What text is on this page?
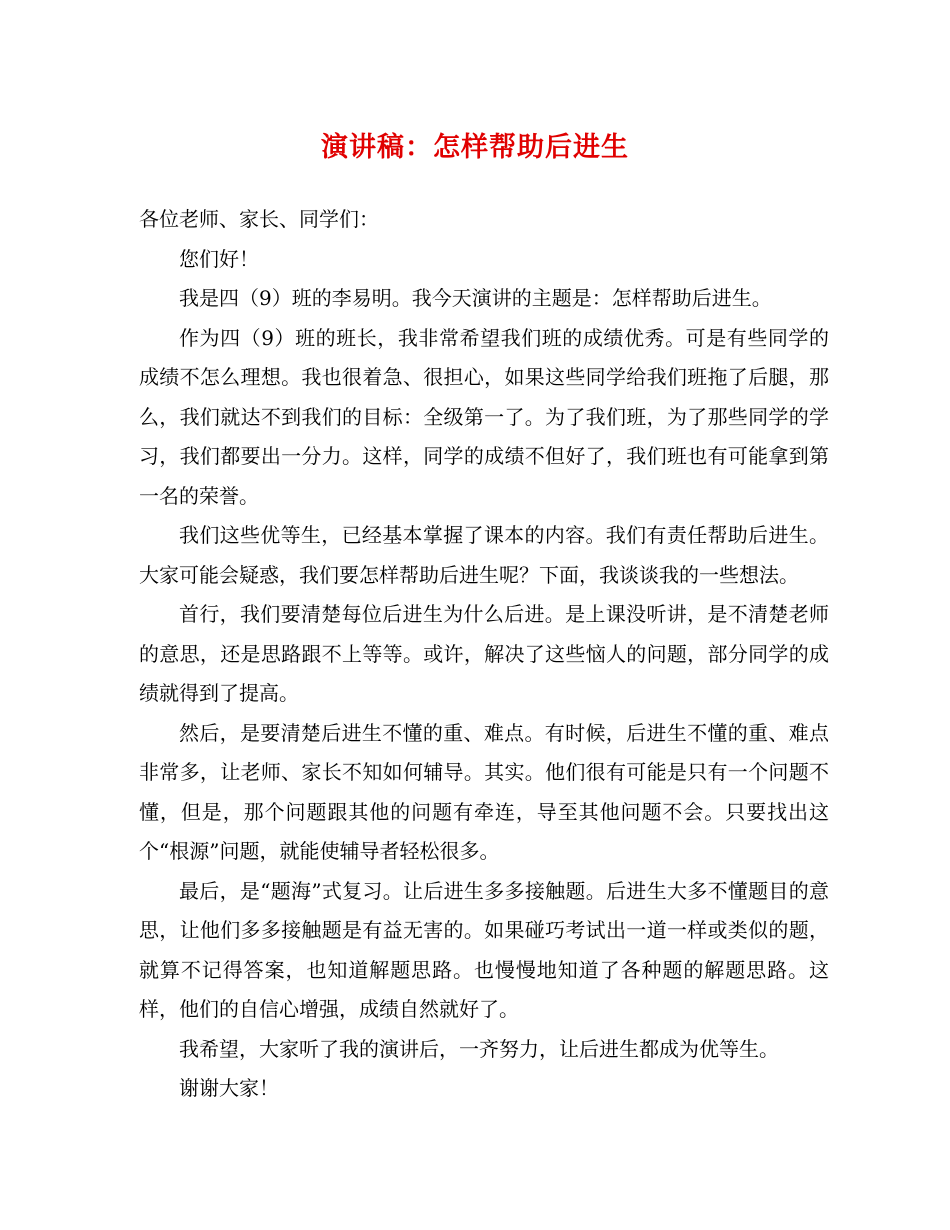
演讲稿：怎样帮助后进生

各位老师、家长、同学们：

您们好！

我是四（9）班的李易明。我今天演讲的主题是：怎样帮助后进生。

作为四（9）班的班长，我非常希望我们班的成绩优秀。可是有些同学的成绩不怎么理想。我也很着急、很担心，如果这些同学给我们班拖了后腿，那么，我们就达不到我们的目标：全级第一了。为了我们班，为了那些同学的学习，我们都要出一分力。这样，同学的成绩不但好了，我们班也有可能拿到第一名的荣誉。

我们这些优等生，已经基本掌握了课本的内容。我们有责任帮助后进生。大家可能会疑惑，我们要怎样帮助后进生呢？下面，我谈谈我的一些想法。

首行，我们要清楚每位后进生为什么后进。是上课没听讲，是不清楚老师的意思，还是思路跟不上等等。或许，解决了这些恼人的问题，部分同学的成绩就得到了提高。

然后，是要清楚后进生不懂的重、难点。有时候，后进生不懂的重、难点非常多，让老师、家长不知如何辅导。其实。他们很有可能是只有一个问题不懂，但是，那个问题跟其他的问题有牵连，导至其他问题不会。只要找出这个“根源”问题，就能使辅导者轻松很多。

最后，是“题海”式复习。让后进生多多接触题。后进生大多不懂题目的意思，让他们多多接触题是有益无害的。如果碰巧考试出一道一样或类似的题，就算不记得答案，也知道解题思路。也慢慢地知道了各种题的解题思路。这样，他们的自信心增强，成绩自然就好了。

我希望，大家听了我的演讲后，一齐努力，让后进生都成为优等生。

谢谢大家！
